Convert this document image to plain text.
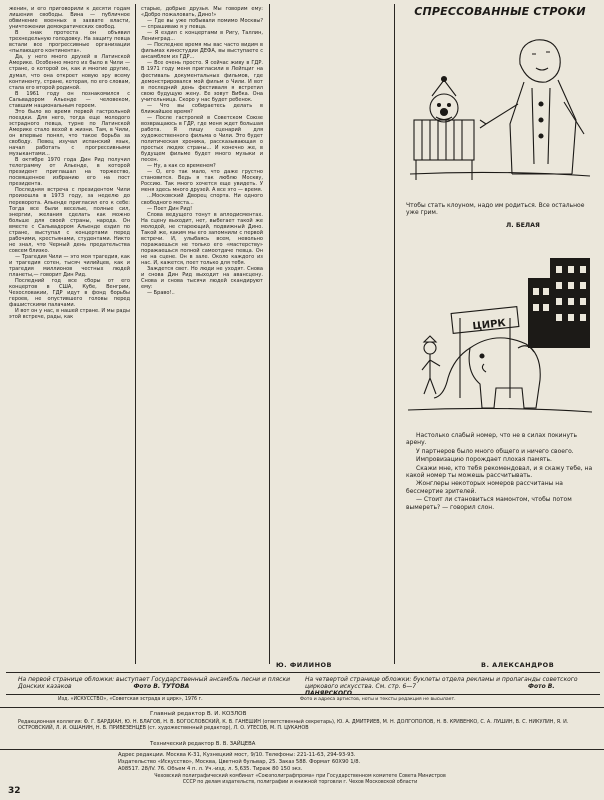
женин, и его приговорили к десяти годам лишения свободы. Вина — публичное обвинение военных в захвате власти, уничтожении демократических свобод.

В знак протеста он объявил трехнедельную голодовку. На защиту певца встали все прогрессивные организации «пылающего континента».

Да, у него много друзей в Латинской Америке. Особенно много их было в Чили — стране, о которой он, как и многие другие, думал, что она откроет новую эру всему континенту, стране, которая, по его словам, стала его второй родиной.

В 1961 году он познакомился с Сальвадором Альенде — человеком, ставшим национальным героем.

Это было во время первой гастрольной поездки. Для него, тогда еще молодого эстрадного певца, турне по Латинской Америке стало вехой в жизни. Там, в Чили, он впервые понял, что такое борьба за свободу. Певец изучал испанский язык, начал работать с прогрессивными музыкантами...

В октябре 1970 года Дин Рид получил телеграмму от Альенде, в которой президент приглашал на торжество, посвященное избранию его на пост президента.

Последняя встреча с президентом Чили произошла в 1973 году, за неделю до переворота. Альенде пригласил его к себе: Тогда все были веселые, полные сил, энергии, желания сделать как можно больше для своей страны, народа. Он вместе с Сальвадором Альенде ездил по стране, выступал с концертами перед рабочими, крестьянами, студентами. Никто не знал, что Черный день предательства совсем близко.

— Трагедия Чили — это моя трагедия, как и трагедия сотен, тысяч чилийцев, как и трагедия миллионов честных людей планеты,— говорит Дин Рид.

Последний год все сборы от его концертов в США, Кубе, Венгрии, Чехословакии, ГДР идут в фонд борьбы героев, не опустившего головы перед фашистскими палачами.

И вот он у нас, в нашей стране. И мы рады этой встрече, рады, как

старые, добрые друзья. Мы говорим ему: «Добро пожаловать, Дино!»

— Где вы уже побывали помимо Москвы? — спрашиваю я у певца.

— Я ездил с концертами в Ригу, Таллин, Ленинград...

— Последнее время мы вас часто видим в фильмах киностудии ДЕФА, вы выступаете с ансамблем из ГДР...

— Все очень просто. Я сейчас живу в ГДР. В 1971 году меня пригласили в Лейпциг на фестиваль документальных фильмов, где демонстрировался мой фильм о Чили. И вот в последний день фестиваля я встретил свою будущую жену. Ее зовут Вибка. Она учительница. Скоро у нас будет ребенок.

— Что вы собираетесь делать в ближайшее время?

— После гастролей в Советском Союзе возвращаюсь в ГДР, где меня ждет большая работа. Я пишу сценарий для художественного фильма о Чили. Это будет политическая хроника, рассказывающая о простых людях страны... И конечно же, в будущем фильме будет много музыки и песен.

— Ну, а как со временем?

— О, его так мало, что даже грустно становится. Ведь я так люблю Москву, Россию. Так много хочется еще увидеть. У меня здесь много друзей. А все это — время.

...Московский Дворец спорта. Ни одного свободного места...

— Поет Дин Рид!

Слова ведущего тонут в аплодисментах. На сцену выходит, нет, выбегает такой же молодой, не стареющий, подвижный Дино. Такой же, каким мы его запомнили с первой встречи. И, улыбаясь всем, невольно поражаешься не только его «мастерству» поражаешься полной самоотдаче певца. Он не на сцене. Он в зале. Около каждого из нас. И, кажется, поет только для тебя.

Заждется свет. Но люди не уходят. Снова и снова Дин Рид выходит на авансцену. Снова и снова тысячи людей скандируют ему:

— Браво!..

Ю. ФИЛИНОВ
СПРЕССОВАННЫЕ СТРОКИ
Чтобы стать клоуном, надо им родиться. Все остальное уже грим.
Л. БЕЛАЯ
ЦИРК

Настолько слабый номер, что не в силах покинуть арену.

У партнеров было много общего и ничего своего.

Импровизацию порождает плохая память.

Скажи мне, кто тебя рекомендовал, и я скажу тебе, на какой номер ты можешь рассчитывать.

Жонглеры некоторых номеров рассчитаны на бессмертие зрителей.

— Стоит ли становиться мамонтом, чтобы потом вымереть? — говорил слон.

В. АЛЕКСАНДРОВ
На первой странице обложки: выступает Государственный ансамбль песни и пляски Донских казаков	Фото В. ТУТОВА
На четвертой странице обложки: буклеты отдела рекламы и пропаганды советского циркового искусства. См. стр. 6—7	Фото В.
Изд. «ИСКУССТВО», «Советская эстрада и цирк», 1976 г.	Фото и адреса артистов, ноты и тексты редакция не высылает.
Главный редактор В. И. КОЗЛОВ
Редакционная коллегия: Ф. Г. БАРДИАН, Ю. Н. БЛАГОВ, Н. В. БОГОСЛОВСКИЙ, К. В. ГАНЕШИН (ответственный секретарь), Ю. А. ДМИТРИЕВ, М. Н. ДОЛГОПОЛОВ, Н. В. КРИВЕНКО, С. А. ЛУШИН, В. С. НИКУЛИН, Я. И. ОСТРОВСКИЙ, Л. И. ОШАНИН, Н. В. ПРИВЕЗЕНЦЕВ (ст. художественный редактор), Л. О. УТЕСОВ, М. П. ЦУКАНОВ
Технический редактор В. В. ЗАЙЦЕВА
32
Адрес редакции. Москва К-31, Кузнецкий мост, 9/10. Телефоны: 221-11-63, 294-93-93.
Издательство «Искусство», Москва, Цветной бульвар, 25. Заказ 588. Формат 60Х90 1/8.
А08517. 28/IV. 76. Объем 4 п. л. Уч.-изд. л. 5,635. Тираж 80 150 экз.
Чеховский полиграфический комбинат «Союзполиграфпрома» при Государственном комитете Совета Министров СССР по делам издательств, полиграфии и книжной торговли г. Чехов Московской области
